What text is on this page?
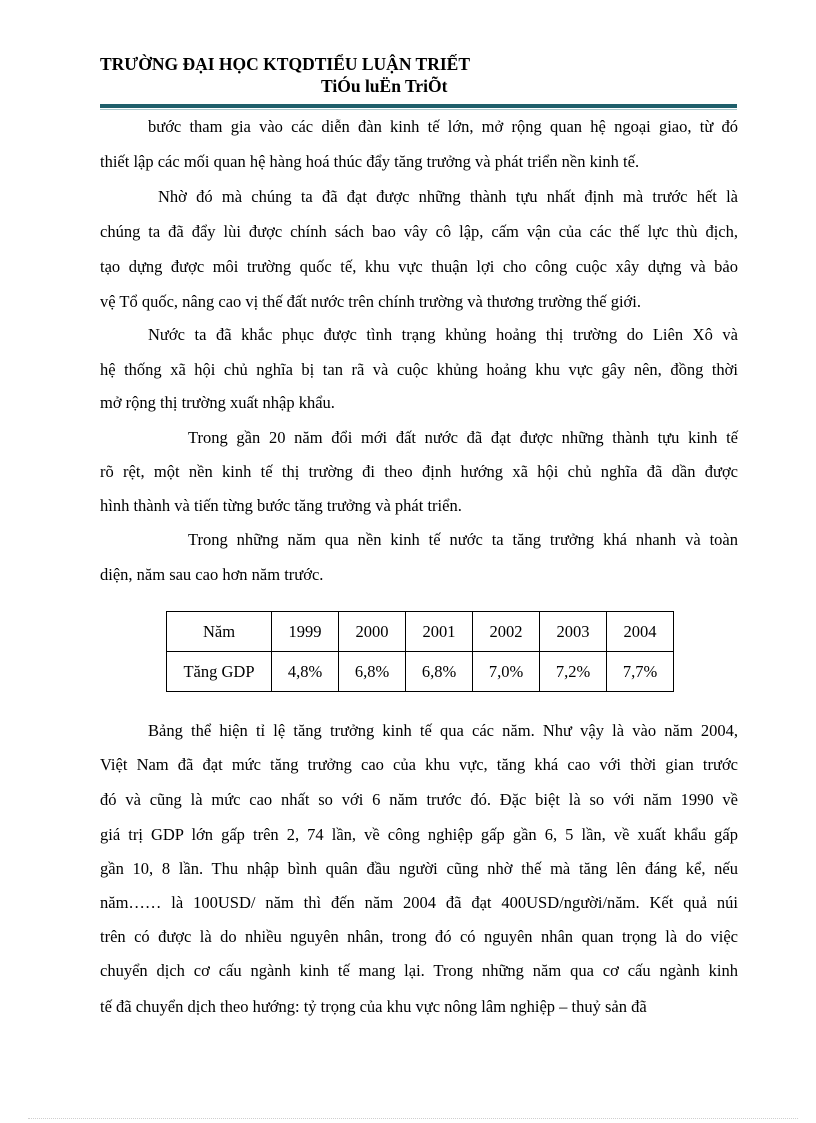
TRƯỜNG ĐẠI HỌC KTQDTIỂU LUẬN TRIẾT

TiÓu luËn TriÕt

bước tham gia vào các diễn đàn kinh tế lớn, mở rộng quan hệ ngoại giao, từ đó
thiết lập các mối quan hệ hàng hoá thúc đẩy tăng trưởng và phát triển nền kinh tế.
Nhờ đó mà chúng ta đã đạt được những thành tựu nhất định mà trước hết là
chúng ta đã đẩy lùi được chính sách bao vây cô lập, cấm vận của các thế lực thù địch,
tạo dựng được môi trường quốc tế, khu vực thuận lợi cho công cuộc xây dựng và bảo
vệ Tổ quốc, nâng cao vị thế đất nước trên chính trường và thương trường thế giới.
Nước ta đã khắc phục được tình trạng khủng hoảng thị trường do Liên Xô và
hệ thống xã hội chủ nghĩa bị tan rã và cuộc khủng hoảng khu vực gây nên, đồng thời
mở rộng thị trường xuất nhập khẩu.
Trong gần 20 năm đổi mới đất nước đã đạt được những thành tựu kinh tế
rõ rệt, một nền kinh tế thị trường đi theo định hướng xã hội chủ nghĩa đã dần được
hình thành và tiến từng bước tăng trưởng và phát triển.
Trong những năm qua nền kinh tế nước ta tăng trưởng khá nhanh và toàn
diện, năm sau cao hơn năm trước.
Năm	1999	2000	2001	2002	2003	2004
Tăng GDP	4,8%	6,8%	6,8%	7,0%	7,2%	7,7%
Bảng thể hiện tỉ lệ tăng trưởng kinh tế qua các năm. Như vậy là vào năm 2004,
Việt Nam đã đạt mức tăng trưởng cao của khu vực, tăng khá cao với thời gian trước
đó và cũng là mức cao nhất so với 6 năm trước đó. Đặc biệt là so với năm 1990 về
giá trị GDP lớn gấp trên 2, 74 lần, về công nghiệp gấp gần 6, 5 lần, về xuất khẩu gấp
gần 10, 8 lần. Thu nhập bình quân đầu người cũng nhờ thế mà tăng lên đáng kể, nếu
năm…… là 100USD/ năm thì đến năm 2004 đã đạt 400USD/người/năm. Kết quả núi
trên có được là do nhiều nguyên nhân, trong đó có nguyên nhân quan trọng là do việc
chuyển dịch cơ cấu ngành kinh tế mang lại. Trong những năm qua cơ cấu ngành kinh
tế đã chuyển dịch theo hướng: tỷ trọng của khu vực nông lâm nghiệp – thuỷ sản đã
